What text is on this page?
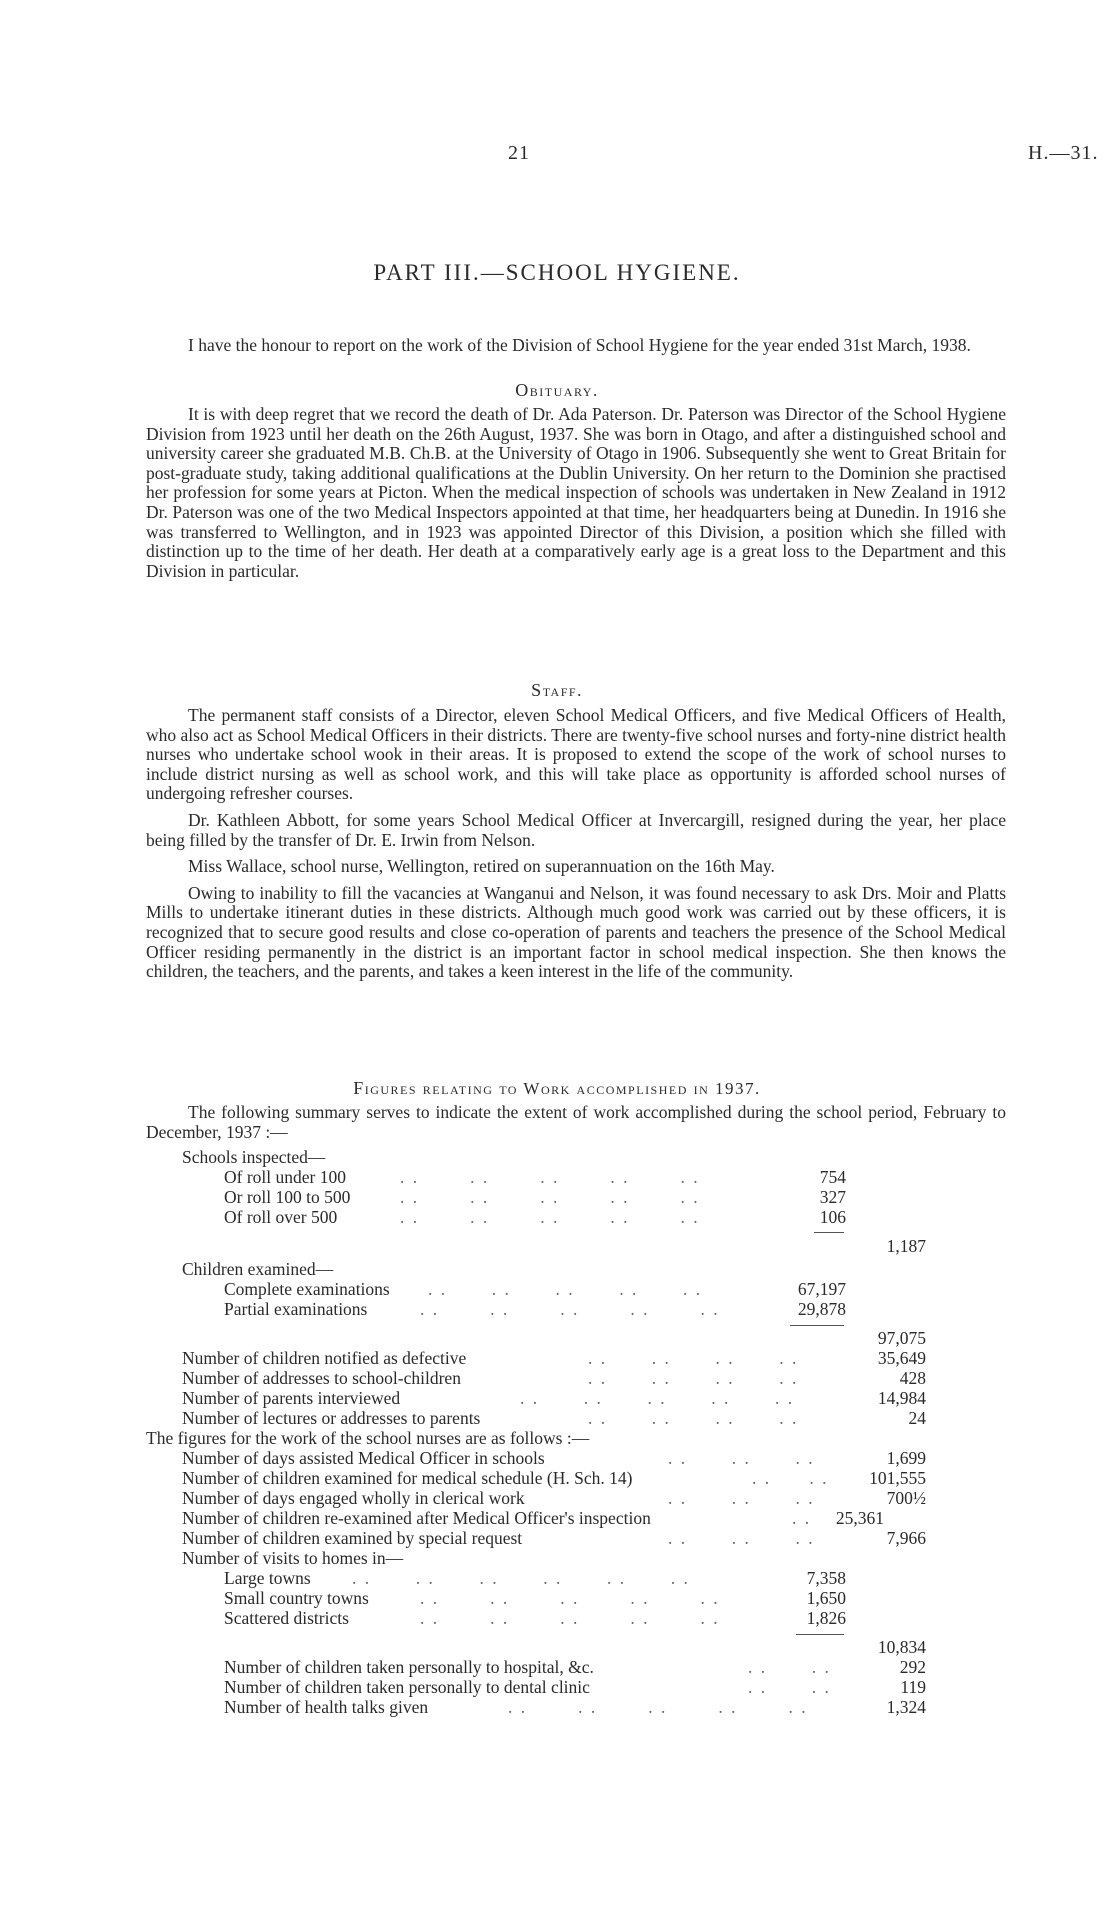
21	H.—31.
PART III.—SCHOOL HYGIENE.

I have the honour to report on the work of the Division of School Hygiene for the year ended 31st March, 1938.

Obituary.

It is with deep regret that we record the death of Dr. Ada Paterson. Dr. Paterson was Director of the School Hygiene Division from 1923 until her death on the 26th August, 1937. She was born in Otago, and after a distinguished school and university career she graduated M.B. Ch.B. at the University of Otago in 1906. Subsequently she went to Great Britain for post-graduate study, taking additional qualifications at the Dublin University. On her return to the Dominion she practised her profession for some years at Picton. When the medical inspection of schools was undertaken in New Zealand in 1912 Dr. Paterson was one of the two Medical Inspectors appointed at that time, her headquarters being at Dunedin. In 1916 she was transferred to Wellington, and in 1923 was appointed Director of this Division, a position which she filled with distinction up to the time of her death. Her death at a comparatively early age is a great loss to the Department and this Division in particular.

Staff.

The permanent staff consists of a Director, eleven School Medical Officers, and five Medical Officers of Health, who also act as School Medical Officers in their districts. There are twenty-five school nurses and forty-nine district health nurses who undertake school wook in their areas. It is proposed to extend the scope of the work of school nurses to include district nursing as well as school work, and this will take place as opportunity is afforded school nurses of undergoing refresher courses.

Dr. Kathleen Abbott, for some years School Medical Officer at Invercargill, resigned during the year, her place being filled by the transfer of Dr. E. Irwin from Nelson.

Miss Wallace, school nurse, Wellington, retired on superannuation on the 16th May.

Owing to inability to fill the vacancies at Wanganui and Nelson, it was found necessary to ask Drs. Moir and Platts Mills to undertake itinerant duties in these districts. Although much good work was carried out by these officers, it is recognized that to secure good results and close co-operation of parents and teachers the presence of the School Medical Officer residing permanently in the district is an important factor in school medical inspection. She then knows the children, the teachers, and the parents, and takes a keen interest in the life of the community.

Figures relating to Work accomplished in 1937.

The following summary serves to indicate the extent of work accomplished during the school period, February to December, 1937 :—

Schools inspected—
Of roll under 100	. .        . .        . .        . .        . .	754
Or roll 100 to 500	. .        . .        . .        . .        . .	327
Of roll over 500	. .        . .        . .        . .        . .	106
1,187
Children examined—
Complete examinations . .       . .       . .       . .       . .	67,197
Partial examinations	. .        . .        . .        . .        . .	29,878
97,075
Number of children notified as defective	. .       . .       . .       . .	35,649
Number of addresses to school-children	. .       . .       . .       . .	428
Number of parents interviewed	. .       . .       . .       . .       . .	14,984
Number of lectures or addresses to parents	. .       . .       . .       . .	24
The figures for the work of the school nurses are as follows :—
Number of days assisted Medical Officer in schools	. .       . .       . .	1,699
Number of children examined for medical schedule (H. Sch. 14)	. .      . .	101,555
Number of days engaged wholly in clerical work	. .       . .       . .	700½
Number of children re-examined after Medical Officer's inspection	. .	25,361
Number of children examined by special request	. .       . .       . .	7,966
Number of visits to homes in—
Large towns . .       . .       . .       . .       . .       . .	7,358
Small country towns	. .        . .        . .        . .        . .	1,650
Scattered districts	. .        . .        . .        . .        . .	1,826
10,834
Number of children taken personally to hospital, &c.	. .       . .	292
Number of children taken personally to dental clinic	. .       . .	119
Number of health talks given	. .        . .        . .        . .        . .	1,324
